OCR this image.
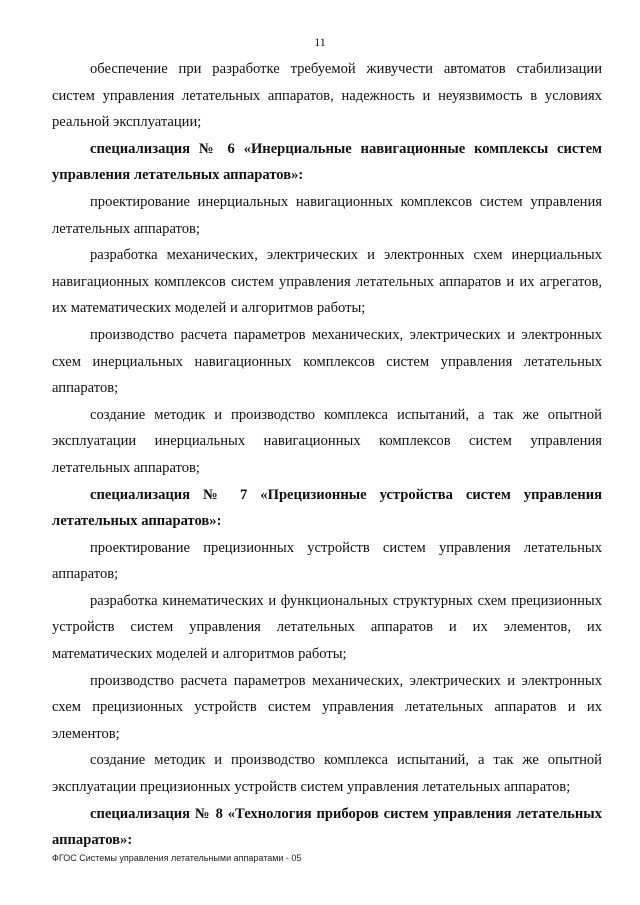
11

обеспечение при разработке требуемой живучести автоматов стабилизации систем управления летательных аппаратов, надежность и неуязвимость в условиях реальной эксплуатации;

специализация № 6 «Инерциальные навигационные комплексы систем управления летательных аппаратов»:

проектирование инерциальных навигационных комплексов систем управления летательных аппаратов;

разработка механических, электрических и электронных схем инерциальных навигационных комплексов систем управления летательных аппаратов и их агрегатов, их математических моделей и алгоритмов работы;

производство расчета параметров механических, электрических и электронных схем инерциальных навигационных комплексов систем управления летательных аппаратов;

создание методик и производство комплекса испытаний, а так же опытной эксплуатации инерциальных навигационных комплексов систем управления летательных аппаратов;

специализация № 7 «Прецизионные устройства систем управления летательных аппаратов»:

проектирование прецизионных устройств систем управления летательных аппаратов;

разработка кинематических и функциональных структурных схем прецизионных устройств систем управления летательных аппаратов и их элементов, их математических моделей и алгоритмов работы;

производство расчета параметров механических, электрических и электронных схем прецизионных устройств систем управления летательных аппаратов и их элементов;

создание методик и производство комплекса испытаний, а так же опытной эксплуатации прецизионных устройств систем управления летательных аппаратов;

специализация № 8 «Технология приборов систем управления летательных аппаратов»:

ФГОС Системы управления летательными аппаратами - 05
